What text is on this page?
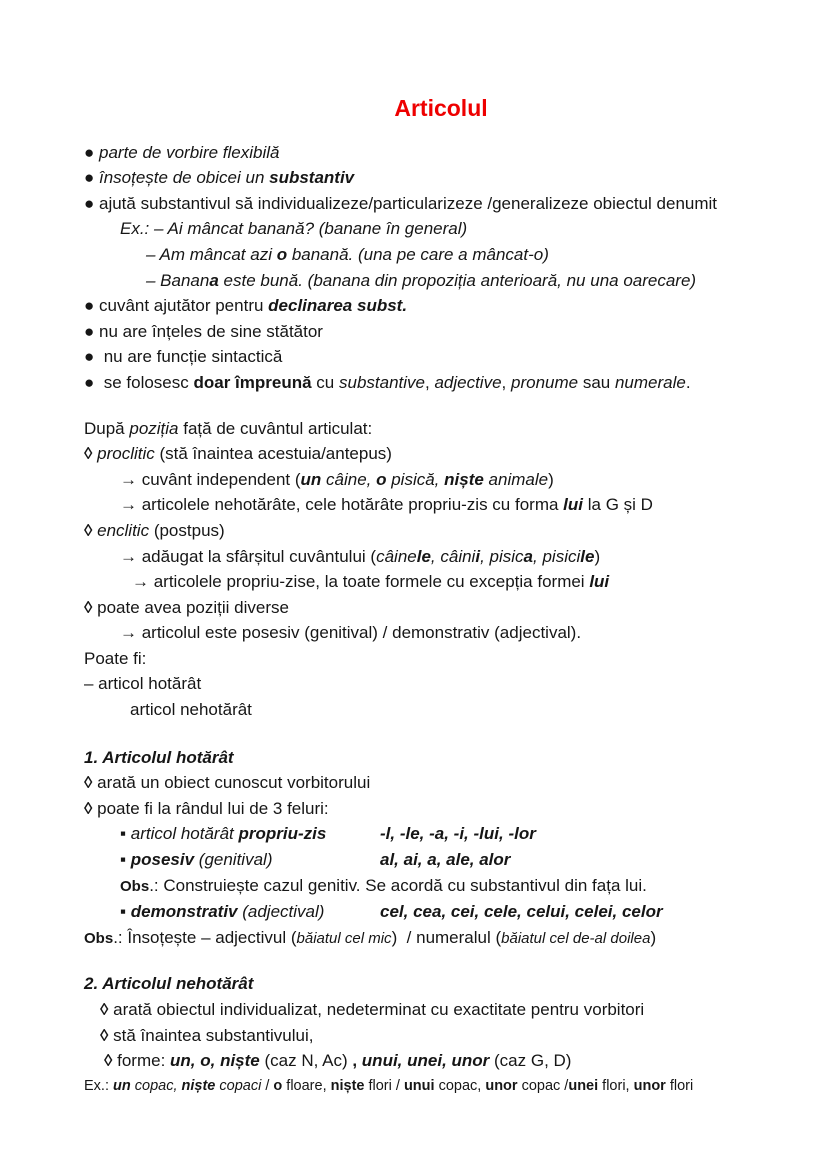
Articolul
● parte de vorbire flexibilă
● însoțește de obicei un substantiv
● ajută substantivul să individualizeze/particularizeze /generalizeze obiectul denumit
Ex.: – Ai mâncat banană? (banane în general)
– Am mâncat azi o banană. (una pe care a mâncat-o)
– Banana este bună. (banana din propoziția anterioară, nu una oarecare)
● cuvânt ajutător pentru declinarea subst.
● nu are înțeles de sine stătător
●  nu are funcție sintactică
●  se folosesc doar împreună cu substantive, adjective, pronume sau numerale.
După poziția față de cuvântul articulat:
◊ proclitic (stă înaintea acestuia/antepus)
→ cuvânt independent (un câine, o pisică, niște animale)
→ articolele nehotărâte, cele hotărâte propriu-zis cu forma lui la G și D
◊ enclitic (postpus)
→ adăugat la sfârșitul cuvântului (câinele, câinii, pisica, pisicile)
→ articolele propriu-zise, la toate formele cu excepția formei lui
◊ poate avea poziții diverse
→ articolul este posesiv (genitival) / demonstrativ (adjectival).
Poate fi:
– articol hotărât
articol nehotărât
1. Articolul hotărât
◊ arată un obiect cunoscut vorbitorului
◊ poate fi la rândul lui de 3 feluri:
▪ articol hotărât propriu-zis	-l, -le, -a, -i, -lui, -lor
▪ posesiv (genitival)	al, ai, a, ale, alor
Obs.: Construiește cazul genitiv. Se acordă cu substantivul din fața lui.
▪ demonstrativ (adjectival)	cel, cea, cei, cele, celui, celei, celor
Obs.: Însoțește – adjectivul (băiatul cel mic)  / numeralul (băiatul cel de-al doilea)
2. Articolul nehotărât
◊ arată obiectul individualizat, nedeterminat cu exactitate pentru vorbitori
◊ stă înaintea substantivului,
◊ forme: un, o, niște (caz N, Ac) , unui, unei, unor (caz G, D)
Ex.: un copac, niște copaci / o floare, niște flori / unui copac, unor copac /unei flori, unor flori
